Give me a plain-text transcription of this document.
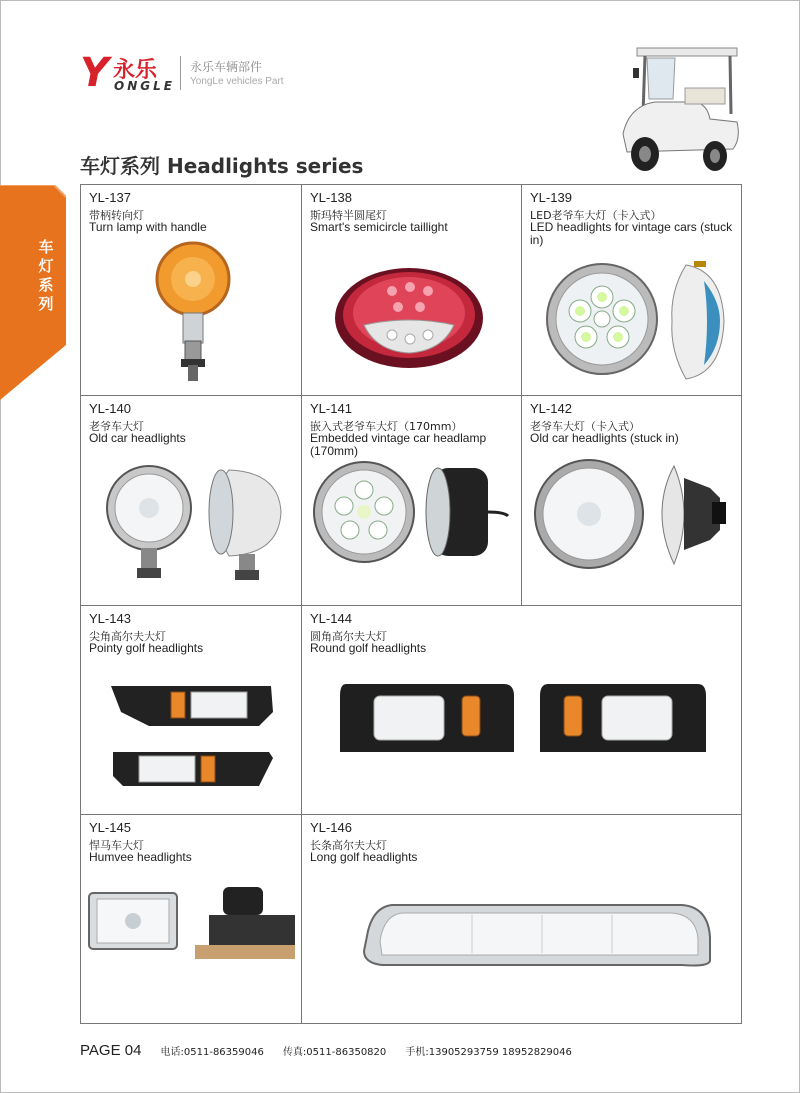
Y 永乐
ONGLE
永乐车辆部件
YongLe vehicles Part
车灯系列
车灯系列 Headlights series
YL-137
带柄转向灯
Turn lamp with handle
YL-138
斯玛特半圆尾灯
Smart's semicircle taillight
YL-139
LED老爷车大灯（卡入式）
LED headlights for vintage cars (stuck in)
YL-140
老爷车大灯
Old car headlights
YL-141
嵌入式老爷车大灯（170mm）
Embedded vintage car headlamp (170mm)
YL-142
老爷车大灯（卡入式）
Old car headlights (stuck in)
YL-143
尖角高尔夫大灯
Pointy golf headlights
YL-144
圆角高尔夫大灯
Round golf headlights
YL-145
悍马车大灯
Humvee headlights
YL-146
长条高尔夫大灯
Long golf headlights
PAGE 04 电话:0511-86359046 传真:0511-86350820 手机:13905293759 18952829046
